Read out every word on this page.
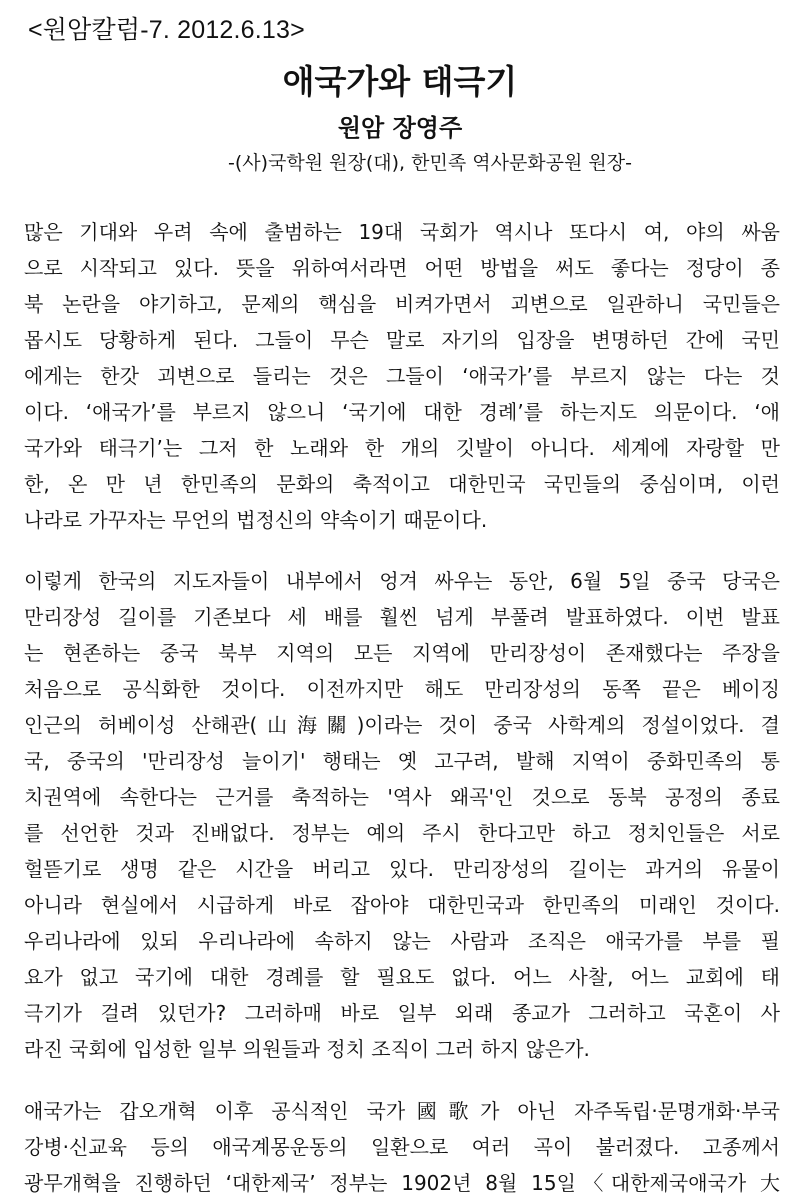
<원암칼럼-7. 2012.6.13>
애국가와 태극기
원암 장영주
-(사)국학원 원장(대), 한민족 역사문화공원 원장-
많은 기대와 우려 속에 출범하는 19대 국회가 역시나 또다시 여, 야의 싸움
으로 시작되고 있다. 뜻을 위하여서라면 어떤 방법을 써도 좋다는 정당이 종
북 논란을 야기하고, 문제의 핵심을 비켜가면서 괴변으로 일관하니 국민들은
몹시도 당황하게 된다. 그들이 무슨 말로 자기의 입장을 변명하던 간에 국민
에게는 한갓 괴변으로 들리는 것은 그들이 ‘애국가’를 부르지 않는 다는 것
이다. ‘애국가’를 부르지 않으니 ‘국기에 대한 경례’를 하는지도 의문이다. ‘애
국가와 태극기’는 그저 한 노래와 한 개의 깃발이 아니다. 세계에 자랑할 만
한, 온 만 년 한민족의 문화의 축적이고 대한민국 국민들의 중심이며, 이런
나라로 가꾸자는 무언의 법정신의 약속이기 때문이다.
이렇게 한국의 지도자들이 내부에서 엉겨 싸우는 동안, 6월 5일 중국 당국은
만리장성 길이를 기존보다 세 배를 훨씬 넘게 부풀려 발표하였다. 이번 발표
는 현존하는 중국 북부 지역의 모든 지역에 만리장성이 존재했다는 주장을
처음으로 공식화한 것이다. 이전까지만 해도 만리장성의 동쪽 끝은 베이징
인근의 허베이성 산해관(山海關)이라는 것이 중국 사학계의 정설이었다. 결
국, 중국의 '만리장성 늘이기' 행태는 옛 고구려, 발해 지역이 중화민족의 통
치권역에 속한다는 근거를 축적하는 '역사 왜곡'인 것으로 동북 공정의 종료
를 선언한 것과 진배없다. 정부는 예의 주시 한다고만 하고 정치인들은 서로
헐뜯기로 생명 같은 시간을 버리고 있다. 만리장성의 길이는 과거의 유물이
아니라 현실에서 시급하게 바로 잡아야 대한민국과 한민족의 미래인 것이다.
우리나라에 있되 우리나라에 속하지 않는 사람과 조직은 애국가를 부를 필
요가 없고 국기에 대한 경례를 할 필요도 없다. 어느 사찰, 어느 교회에 태
극기가 걸려 있던가? 그러하매 바로 일부 외래 종교가 그러하고 국혼이 사
라진 국회에 입성한 일부 의원들과 정치 조직이 그러 하지 않은가.
애국가는 갑오개혁 이후 공식적인 국가國歌가 아닌 자주독립·문명개화·부국
강병·신교육 등의 애국계몽운동의 일환으로 여러 곡이 불러졌다. 고종께서
광무개혁을 진행하던 ‘대한제국’ 정부는 1902년 8월 15일〈대한제국애국가 大
